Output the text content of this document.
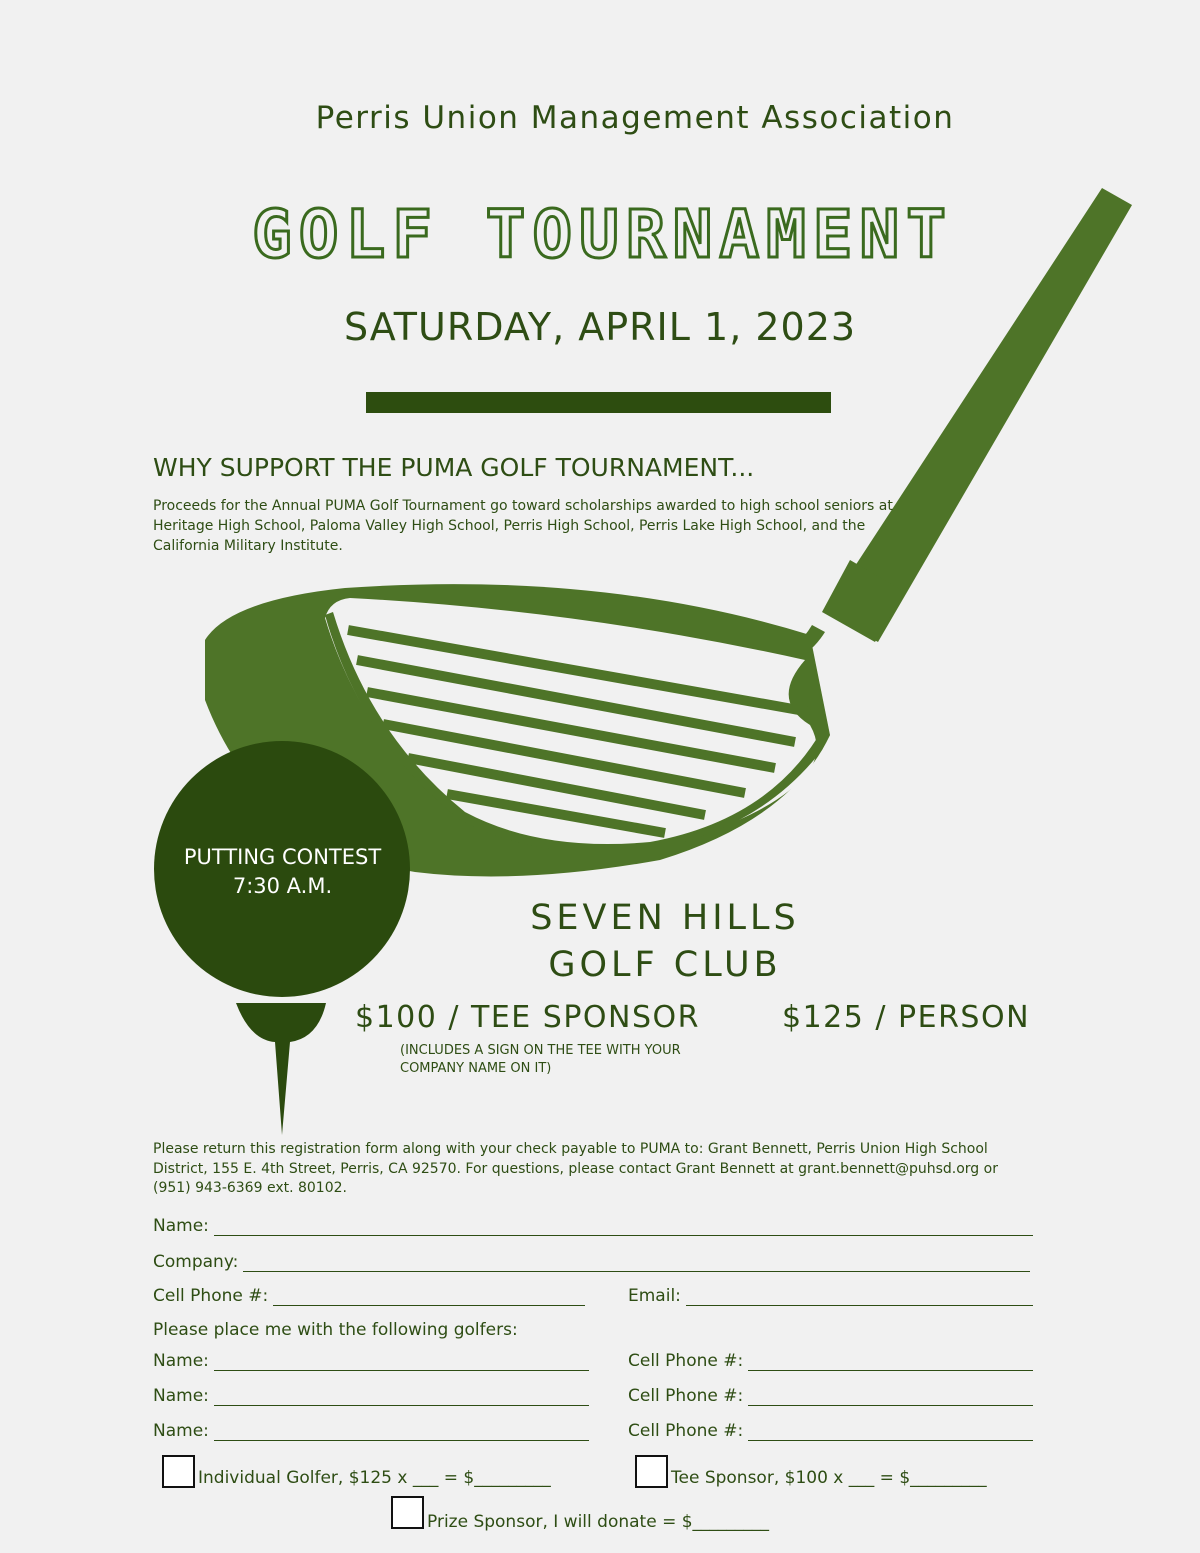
Perris Union Management Association
GOLF TOURNAMENT
SATURDAY, APRIL 1, 2023
WHY SUPPORT THE PUMA GOLF TOURNAMENT...
Proceeds for the Annual PUMA Golf Tournament go toward scholarships awarded to high school seniors at Heritage High School, Paloma Valley High School, Perris High School, Perris Lake High School, and the California Military Institute.
PUTTING CONTEST
7:30 A.M.
SEVEN HILLS
GOLF CLUB
$100 / TEE SPONSOR	$125 / PERSON
(INCLUDES A SIGN ON THE TEE WITH YOUR COMPANY NAME ON IT)
Please return this registration form along with your check payable to PUMA to: Grant Bennett, Perris Union High School District, 155 E. 4th Street, Perris, CA 92570. For questions, please contact Grant Bennett at grant.bennett@puhsd.org or (951) 943-6369 ext. 80102.
Name:
Company:
Cell Phone #:	Email:
Please place me with the following golfers:
Name:	Cell Phone #:
Name:	Cell Phone #:
Name:	Cell Phone #:
Individual Golfer, $125 x ___ = $_________	Tee Sponsor, $100 x ___ = $_________
Prize Sponsor, I will donate = $_________
